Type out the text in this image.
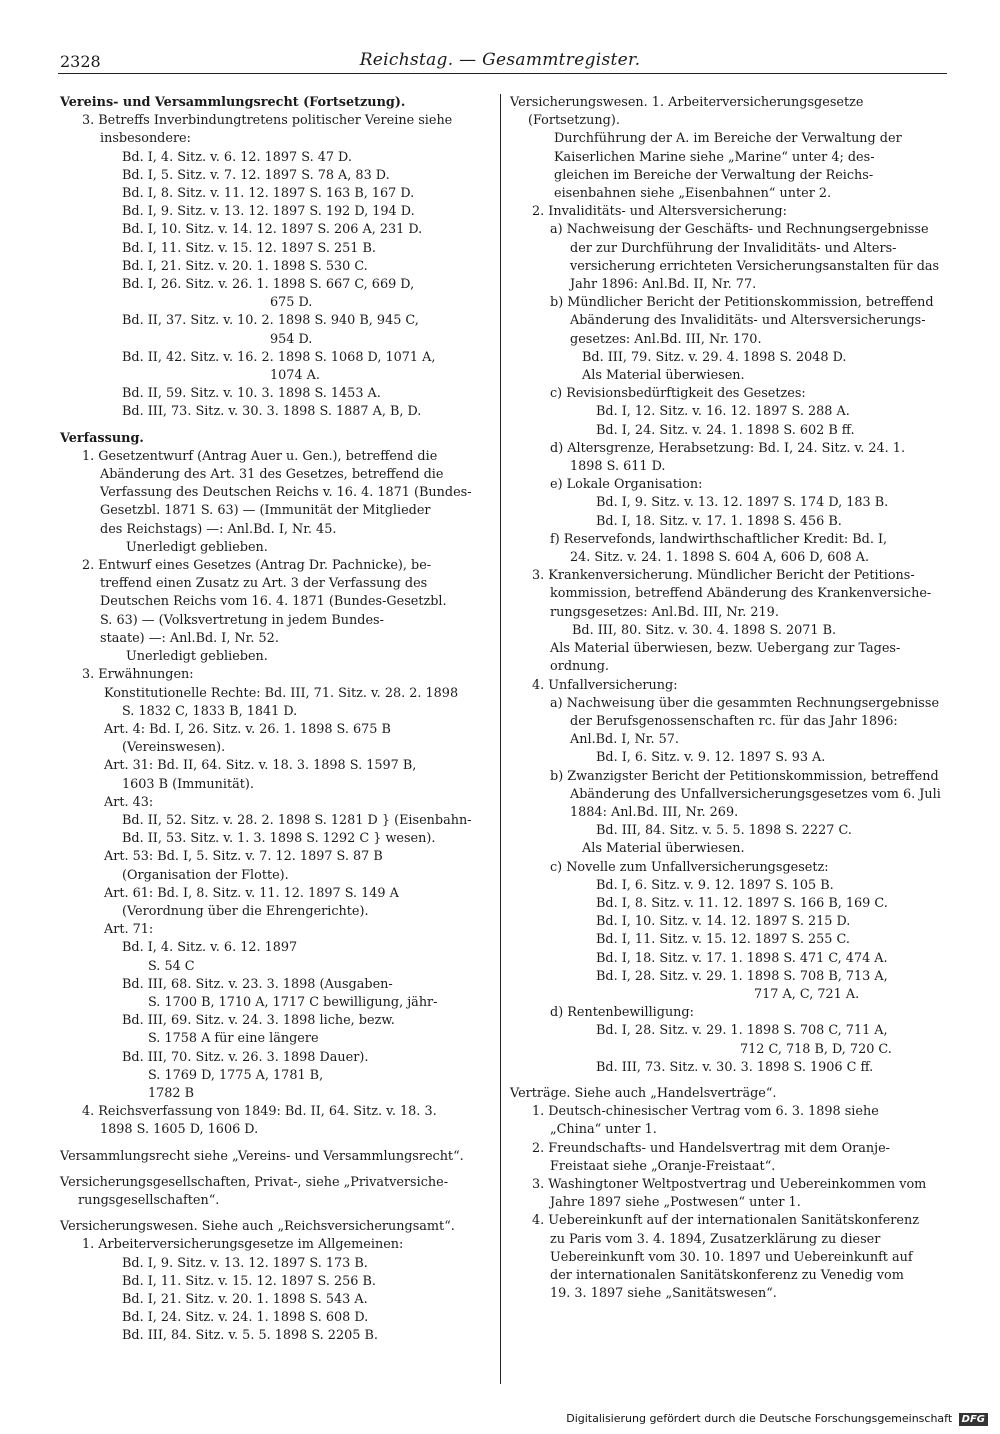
2328	Reichstag. — Gesammtregister.
Vereins- und Versammlungsrecht (Fortsetzung).
3. Betreffs Inverbindungtretens politischer Vereine siehe
insbesondere:
Bd. I, 4. Sitz. v. 6. 12. 1897 S. 47 D.
Bd. I, 5. Sitz. v. 7. 12. 1897 S. 78 A, 83 D.
Bd. I, 8. Sitz. v. 11. 12. 1897 S. 163 B, 167 D.
Bd. I, 9. Sitz. v. 13. 12. 1897 S. 192 D, 194 D.
Bd. I, 10. Sitz. v. 14. 12. 1897 S. 206 A, 231 D.
Bd. I, 11. Sitz. v. 15. 12. 1897 S. 251 B.
Bd. I, 21. Sitz. v. 20. 1. 1898 S. 530 C.
Bd. I, 26. Sitz. v. 26. 1. 1898 S. 667 C, 669 D,
675 D.
Bd. II, 37. Sitz. v. 10. 2. 1898 S. 940 B, 945 C,
954 D.
Bd. II, 42. Sitz. v. 16. 2. 1898 S. 1068 D, 1071 A,
1074 A.
Bd. II, 59. Sitz. v. 10. 3. 1898 S. 1453 A.
Bd. III, 73. Sitz. v. 30. 3. 1898 S. 1887 A, B, D.
Verfassung.
1. Gesetzentwurf (Antrag Auer u. Gen.), betreffend die
Abänderung des Art. 31 des Gesetzes, betreffend die
Verfassung des Deutschen Reichs v. 16. 4. 1871 (Bundes-
Gesetzbl. 1871 S. 63) — (Immunität der Mitglieder
des Reichstags) —: Anl.Bd. I, Nr. 45.
Unerledigt geblieben.
2. Entwurf eines Gesetzes (Antrag Dr. Pachnicke), be-
treffend einen Zusatz zu Art. 3 der Verfassung des
Deutschen Reichs vom 16. 4. 1871 (Bundes-Gesetzbl.
S. 63) — (Volksvertretung in jedem Bundes-
staate) —: Anl.Bd. I, Nr. 52.
Unerledigt geblieben.
3. Erwähnungen:
Konstitutionelle Rechte: Bd. III, 71. Sitz. v. 28. 2. 1898
S. 1832 C, 1833 B, 1841 D.
Art. 4: Bd. I, 26. Sitz. v. 26. 1. 1898 S. 675 B
(Vereinswesen).
Art. 31: Bd. II, 64. Sitz. v. 18. 3. 1898 S. 1597 B,
1603 B (Immunität).
Art. 43:
Bd. II, 52. Sitz. v. 28. 2. 1898 S. 1281 D } (Eisenbahn-
Bd. II, 53. Sitz. v. 1. 3. 1898 S. 1292 C } wesen).
Art. 53: Bd. I, 5. Sitz. v. 7. 12. 1897 S. 87 B
(Organisation der Flotte).
Art. 61: Bd. I, 8. Sitz. v. 11. 12. 1897 S. 149 A
(Verordnung über die Ehrengerichte).
Art. 71:
Bd. I, 4. Sitz. v. 6. 12. 1897
S. 54 C
Bd. III, 68. Sitz. v. 23. 3. 1898 (Ausgaben-
S. 1700 B, 1710 A, 1717 C bewilligung, jähr-
Bd. III, 69. Sitz. v. 24. 3. 1898 liche, bezw.
S. 1758 A für eine längere
Bd. III, 70. Sitz. v. 26. 3. 1898 Dauer).
S. 1769 D, 1775 A, 1781 B,
1782 B
4. Reichsverfassung von 1849: Bd. II, 64. Sitz. v. 18. 3.
1898 S. 1605 D, 1606 D.
Versammlungsrecht siehe „Vereins- und Versammlungsrecht“.
Versicherungsgesellschaften, Privat-, siehe „Privatversiche-
rungsgesellschaften“.
Versicherungswesen. Siehe auch „Reichsversicherungsamt“.
1. Arbeiterversicherungsgesetze im Allgemeinen:
Bd. I, 9. Sitz. v. 13. 12. 1897 S. 173 B.
Bd. I, 11. Sitz. v. 15. 12. 1897 S. 256 B.
Bd. I, 21. Sitz. v. 20. 1. 1898 S. 543 A.
Bd. I, 24. Sitz. v. 24. 1. 1898 S. 608 D.
Bd. III, 84. Sitz. v. 5. 5. 1898 S. 2205 B.
Versicherungswesen. 1. Arbeiterversicherungsgesetze
(Fortsetzung).
Durchführung der A. im Bereiche der Verwaltung der
Kaiserlichen Marine siehe „Marine“ unter 4; des-
gleichen im Bereiche der Verwaltung der Reichs-
eisenbahnen siehe „Eisenbahnen“ unter 2.
2. Invaliditäts- und Altersversicherung:
a) Nachweisung der Geschäfts- und Rechnungsergebnisse
der zur Durchführung der Invaliditäts- und Alters-
versicherung errichteten Versicherungsanstalten für das
Jahr 1896: Anl.Bd. II, Nr. 77.
b) Mündlicher Bericht der Petitionskommission, betreffend
Abänderung des Invaliditäts- und Altersversicherungs-
gesetzes: Anl.Bd. III, Nr. 170.
Bd. III, 79. Sitz. v. 29. 4. 1898 S. 2048 D.
Als Material überwiesen.
c) Revisionsbedürftigkeit des Gesetzes:
Bd. I, 12. Sitz. v. 16. 12. 1897 S. 288 A.
Bd. I, 24. Sitz. v. 24. 1. 1898 S. 602 B ff.
d) Altersgrenze, Herabsetzung: Bd. I, 24. Sitz. v. 24. 1.
1898 S. 611 D.
e) Lokale Organisation:
Bd. I, 9. Sitz. v. 13. 12. 1897 S. 174 D, 183 B.
Bd. I, 18. Sitz. v. 17. 1. 1898 S. 456 B.
f) Reservefonds, landwirthschaftlicher Kredit: Bd. I,
24. Sitz. v. 24. 1. 1898 S. 604 A, 606 D, 608 A.
3. Krankenversicherung. Mündlicher Bericht der Petitions-
kommission, betreffend Abänderung des Krankenversiche-
rungsgesetzes: Anl.Bd. III, Nr. 219.
Bd. III, 80. Sitz. v. 30. 4. 1898 S. 2071 B.
Als Material überwiesen, bezw. Uebergang zur Tages-
ordnung.
4. Unfallversicherung:
a) Nachweisung über die gesammten Rechnungsergebnisse
der Berufsgenossenschaften rc. für das Jahr 1896:
Anl.Bd. I, Nr. 57.
Bd. I, 6. Sitz. v. 9. 12. 1897 S. 93 A.
b) Zwanzigster Bericht der Petitionskommission, betreffend
Abänderung des Unfallversicherungsgesetzes vom 6. Juli
1884: Anl.Bd. III, Nr. 269.
Bd. III, 84. Sitz. v. 5. 5. 1898 S. 2227 C.
Als Material überwiesen.
c) Novelle zum Unfallversicherungsgesetz:
Bd. I, 6. Sitz. v. 9. 12. 1897 S. 105 B.
Bd. I, 8. Sitz. v. 11. 12. 1897 S. 166 B, 169 C.
Bd. I, 10. Sitz. v. 14. 12. 1897 S. 215 D.
Bd. I, 11. Sitz. v. 15. 12. 1897 S. 255 C.
Bd. I, 18. Sitz. v. 17. 1. 1898 S. 471 C, 474 A.
Bd. I, 28. Sitz. v. 29. 1. 1898 S. 708 B, 713 A,
717 A, C, 721 A.
d) Rentenbewilligung:
Bd. I, 28. Sitz. v. 29. 1. 1898 S. 708 C, 711 A,
712 C, 718 B, D, 720 C.
Bd. III, 73. Sitz. v. 30. 3. 1898 S. 1906 C ff.
Verträge. Siehe auch „Handelsverträge“.
1. Deutsch-chinesischer Vertrag vom 6. 3. 1898 siehe
„China“ unter 1.
2. Freundschafts- und Handelsvertrag mit dem Oranje-
Freistaat siehe „Oranje-Freistaat“.
3. Washingtoner Weltpostvertrag und Uebereinkommen vom
Jahre 1897 siehe „Postwesen“ unter 1.
4. Uebereinkunft auf der internationalen Sanitätskonferenz
zu Paris vom 3. 4. 1894, Zusatzerklärung zu dieser
Uebereinkunft vom 30. 10. 1897 und Uebereinkunft auf
der internationalen Sanitätskonferenz zu Venedig vom
19. 3. 1897 siehe „Sanitätswesen“.
Digitalisierung gefördert durch die Deutsche Forschungsgemeinschaft DFG
